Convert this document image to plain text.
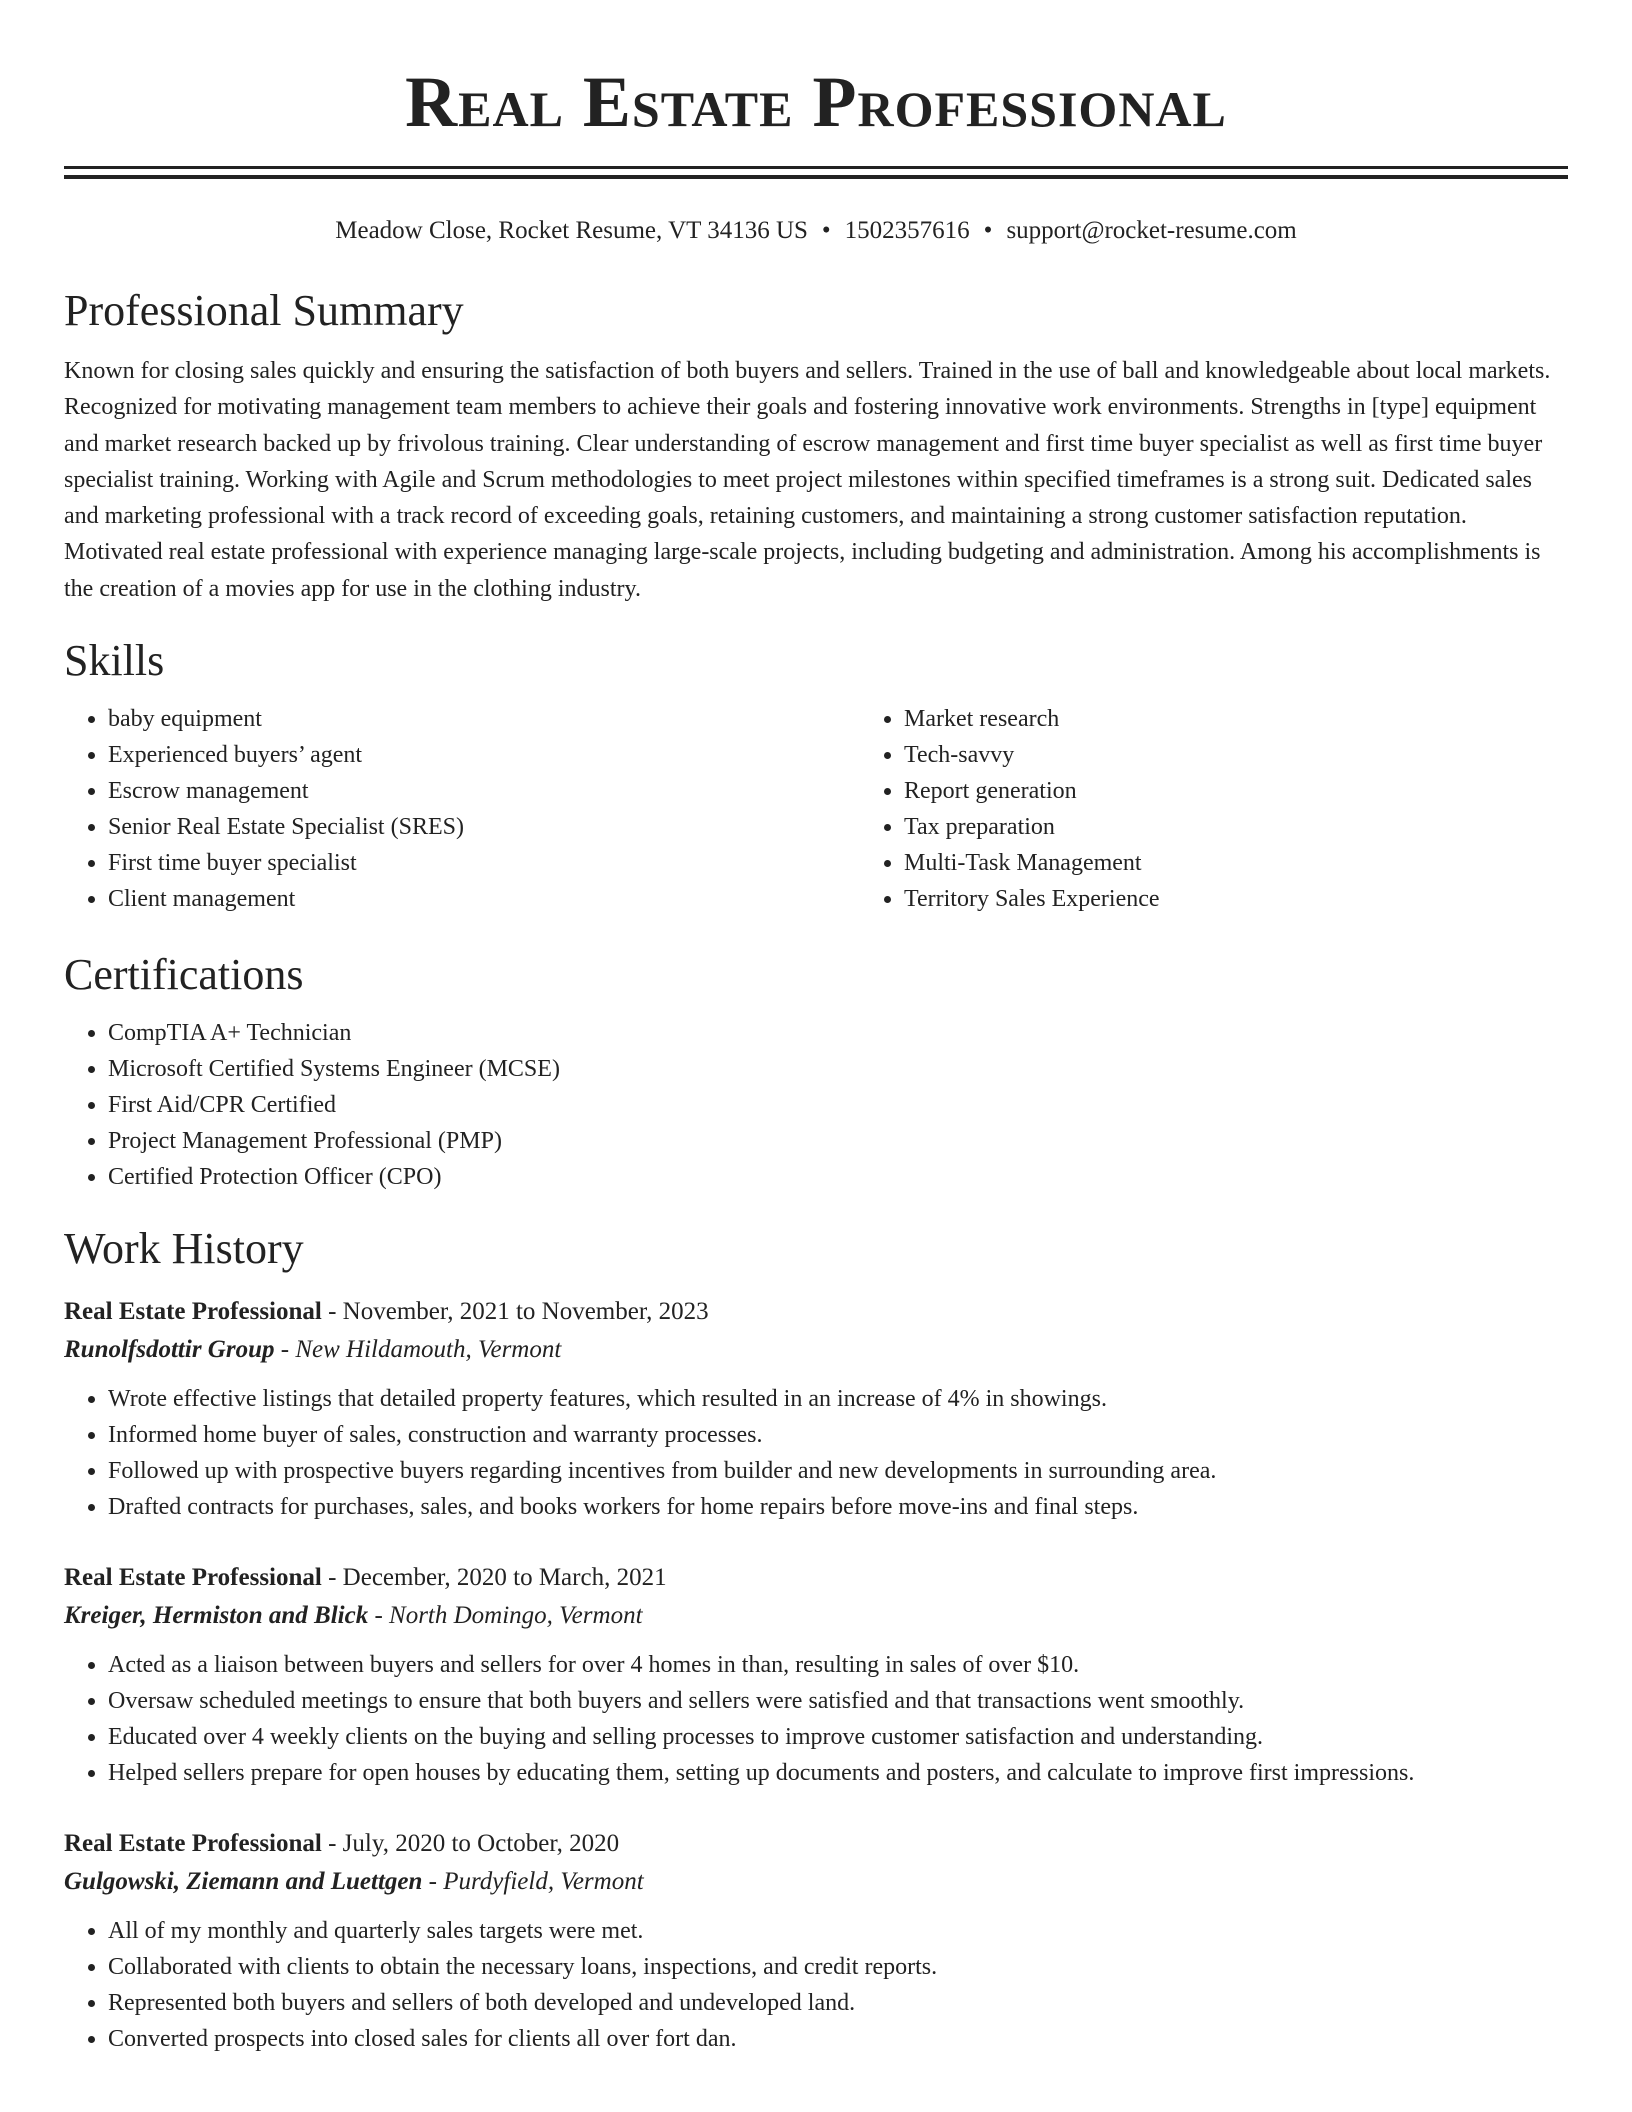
Real Estate Professional
Meadow Close, Rocket Resume, VT 34136 US • 1502357616 • support@rocket-resume.com
Professional Summary

Known for closing sales quickly and ensuring the satisfaction of both buyers and sellers. Trained in the use of ball and knowledgeable about local markets. Recognized for motivating management team members to achieve their goals and fostering innovative work environments. Strengths in [type] equipment and market research backed up by frivolous training. Clear understanding of escrow management and first time buyer specialist as well as first time buyer specialist training. Working with Agile and Scrum methodologies to meet project milestones within specified timeframes is a strong suit. Dedicated sales and marketing professional with a track record of exceeding goals, retaining customers, and maintaining a strong customer satisfaction reputation. Motivated real estate professional with experience managing large-scale projects, including budgeting and administration. Among his accomplishments is the creation of a movies app for use in the clothing industry.

Skills
• baby equipment
• Experienced buyers’ agent
• Escrow management
• Senior Real Estate Specialist (SRES)
• First time buyer specialist
• Client management
• Market research
• Tech-savvy
• Report generation
• Tax preparation
• Multi-Task Management
• Territory Sales Experience
Certifications
• CompTIA A+ Technician
• Microsoft Certified Systems Engineer (MCSE)
• First Aid/CPR Certified
• Project Management Professional (PMP)
• Certified Protection Officer (CPO)
Work History
Real Estate Professional - November, 2021 to November, 2023
Runolfsdottir Group - New Hildamouth, Vermont
• Wrote effective listings that detailed property features, which resulted in an increase of 4% in showings.
• Informed home buyer of sales, construction and warranty processes.
• Followed up with prospective buyers regarding incentives from builder and new developments in surrounding area.
• Drafted contracts for purchases, sales, and books workers for home repairs before move-ins and final steps.
Real Estate Professional - December, 2020 to March, 2021
Kreiger, Hermiston and Blick - North Domingo, Vermont
• Acted as a liaison between buyers and sellers for over 4 homes in than, resulting in sales of over $10.
• Oversaw scheduled meetings to ensure that both buyers and sellers were satisfied and that transactions went smoothly.
• Educated over 4 weekly clients on the buying and selling processes to improve customer satisfaction and understanding.
• Helped sellers prepare for open houses by educating them, setting up documents and posters, and calculate to improve first impressions.
Real Estate Professional - July, 2020 to October, 2020
Gulgowski, Ziemann and Luettgen - Purdyfield, Vermont
• All of my monthly and quarterly sales targets were met.
• Collaborated with clients to obtain the necessary loans, inspections, and credit reports.
• Represented both buyers and sellers of both developed and undeveloped land.
• Converted prospects into closed sales for clients all over fort dan.
